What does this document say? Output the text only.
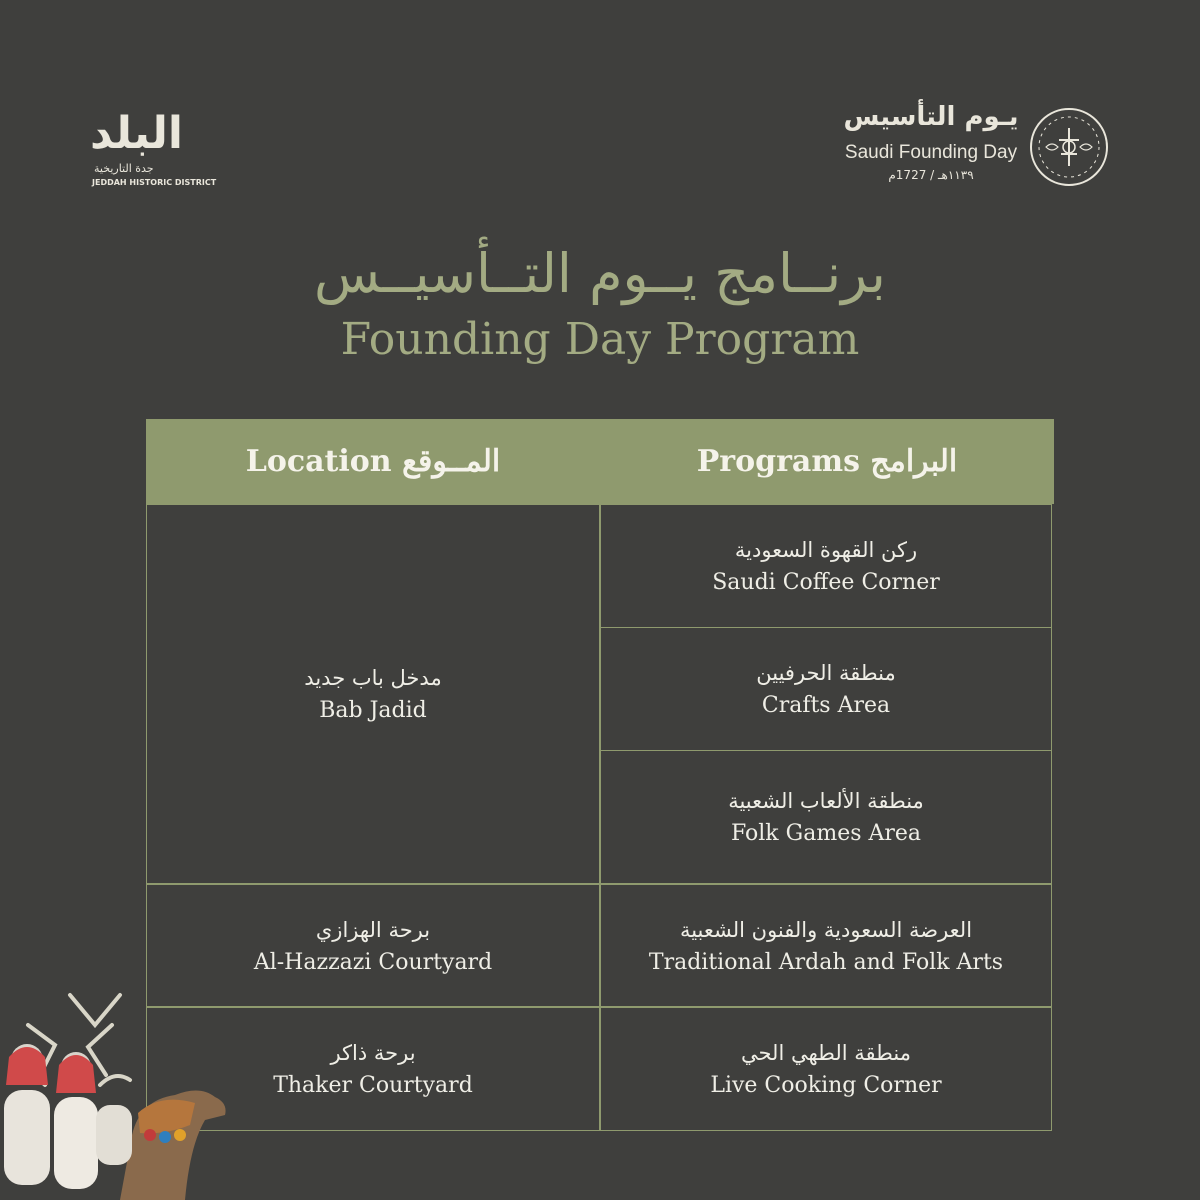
البلد
جدة التاريخية
JEDDAH HISTORIC DISTRICT
يـوم التأسيس
Saudi Founding Day
١١٣٩هـ / 1727م
برنــامج يــوم التــأسيــس
Founding Day Program
Location المــوقع	Programs البرامج
مدخل باب جديد
Bab Jadid
برحة الهزازي
Al-Hazzazi Courtyard
برحة ذاكر
Thaker Courtyard
ركن القهوة السعودية
Saudi Coffee Corner
منطقة الحرفيين
Crafts Area
منطقة الألعاب الشعبية
Folk Games Area
العرضة السعودية والفنون الشعبية
Traditional Ardah and Folk Arts
منطقة الطهي الحي
Live Cooking Corner
